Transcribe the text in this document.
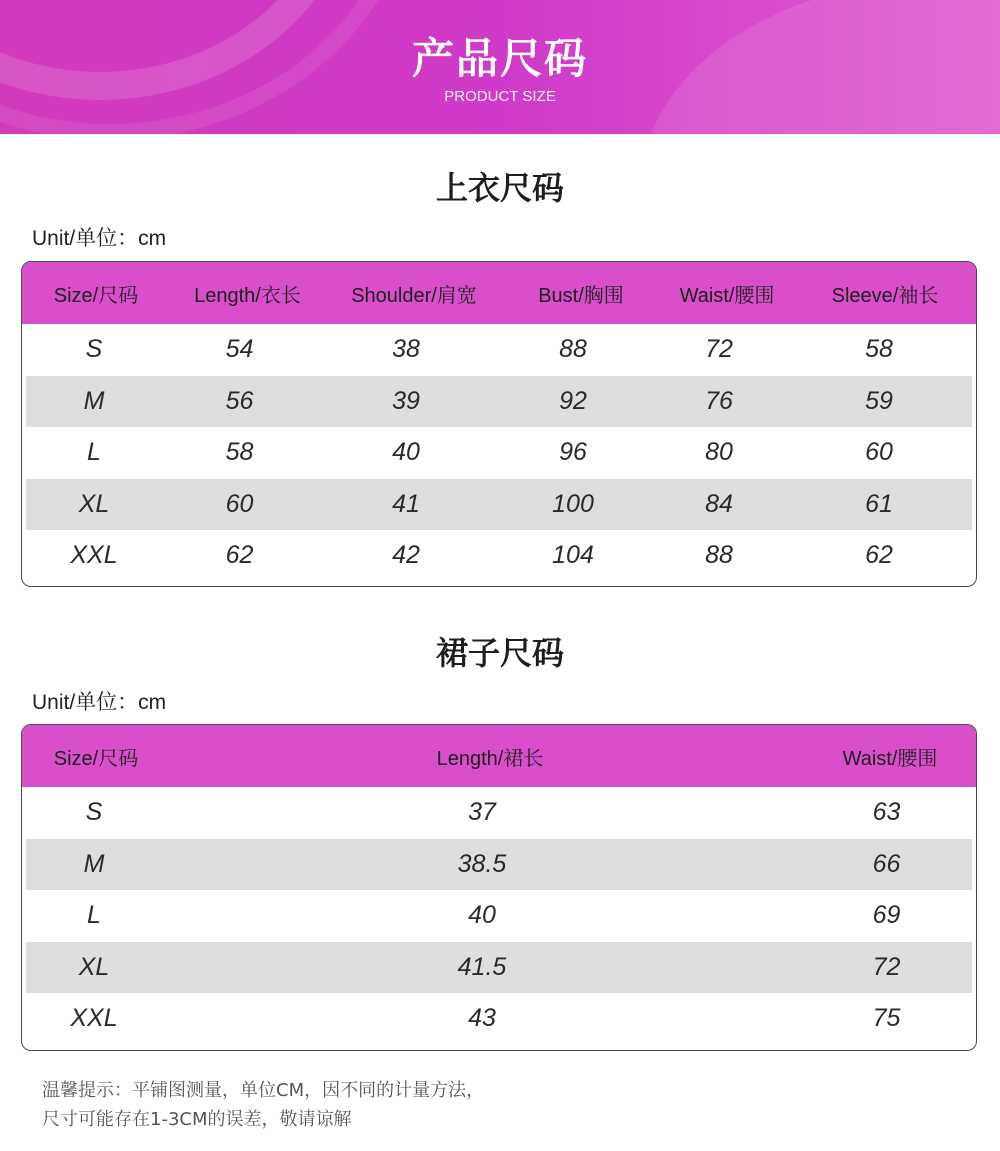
产品尺码
PRODUCT SIZE
上衣尺码
Unit/单位：cm
Size/尺码	Length/衣长	Shoulder/肩宽	Bust/胸围	Waist/腰围	Sleeve/袖长
S	54	38	88	72	58
M	56	39	92	76	59
L	58	40	96	80	60
XL	60	41	100	84	61
XXL	62	42	104	88	62
裙子尺码
Unit/单位：cm
Size/尺码	Length/裙长	Waist/腰围
S	37	63
M	38.5	66
L	40	69
XL	41.5	72
XXL	43	75
温馨提示：平铺图测量，单位CM，因不同的计量方法，
尺寸可能存在1-3CM的误差，敬请谅解
